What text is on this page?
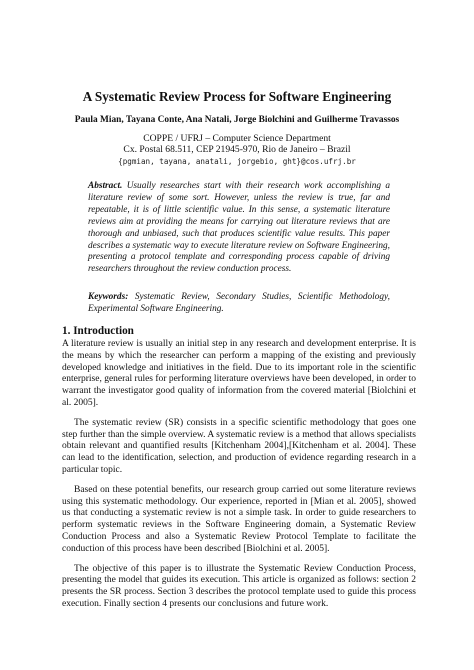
A Systematic Review Process for Software Engineering
Paula Mian, Tayana Conte, Ana Natali, Jorge Biolchini and Guilherme Travassos
COPPE / UFRJ – Computer Science Department
Cx. Postal 68.511, CEP 21945-970, Rio de Janeiro – Brazil
{pgmian, tayana, anatali, jorgebio, ght}@cos.ufrj.br

Abstract. Usually researches start with their research work accomplishing a literature review of some sort. However, unless the review is true, far and repeatable, it is of little scientific value. In this sense, a systematic literature reviews aim at providing the means for carrying out literature reviews that are thorough and unbiased, such that produces scientific value results. This paper describes a systematic way to execute literature review on Software Engineering, presenting a protocol template and corresponding process capable of driving researchers throughout the review conduction process.

Keywords: Systematic Review, Secondary Studies, Scientific Methodology, Experimental Software Engineering.

1. Introduction

A literature review is usually an initial step in any research and development enterprise. It is the means by which the researcher can perform a mapping of the existing and previously developed knowledge and initiatives in the field. Due to its important role in the scientific enterprise, general rules for performing literature overviews have been developed, in order to warrant the investigator good quality of information from the covered material [Biolchini et al. 2005].

The systematic review (SR) consists in a specific scientific methodology that goes one step further than the simple overview. A systematic review is a method that allows specialists obtain relevant and quantified results [Kitchenham 2004],[Kitchenham et al. 2004]. These can lead to the identification, selection, and production of evidence regarding research in a particular topic.

Based on these potential benefits, our research group carried out some literature reviews using this systematic methodology. Our experience, reported in [Mian et al. 2005], showed us that conducting a systematic review is not a simple task. In order to guide researchers to perform systematic reviews in the Software Engineering domain, a Systematic Review Conduction Process and also a Systematic Review Protocol Template to facilitate the conduction of this process have been described [Biolchini et al. 2005].

The objective of this paper is to illustrate the Systematic Review Conduction Process, presenting the model that guides its execution. This article is organized as follows: section 2 presents the SR process. Section 3 describes the protocol template used to guide this process execution. Finally section 4 presents our conclusions and future work.
